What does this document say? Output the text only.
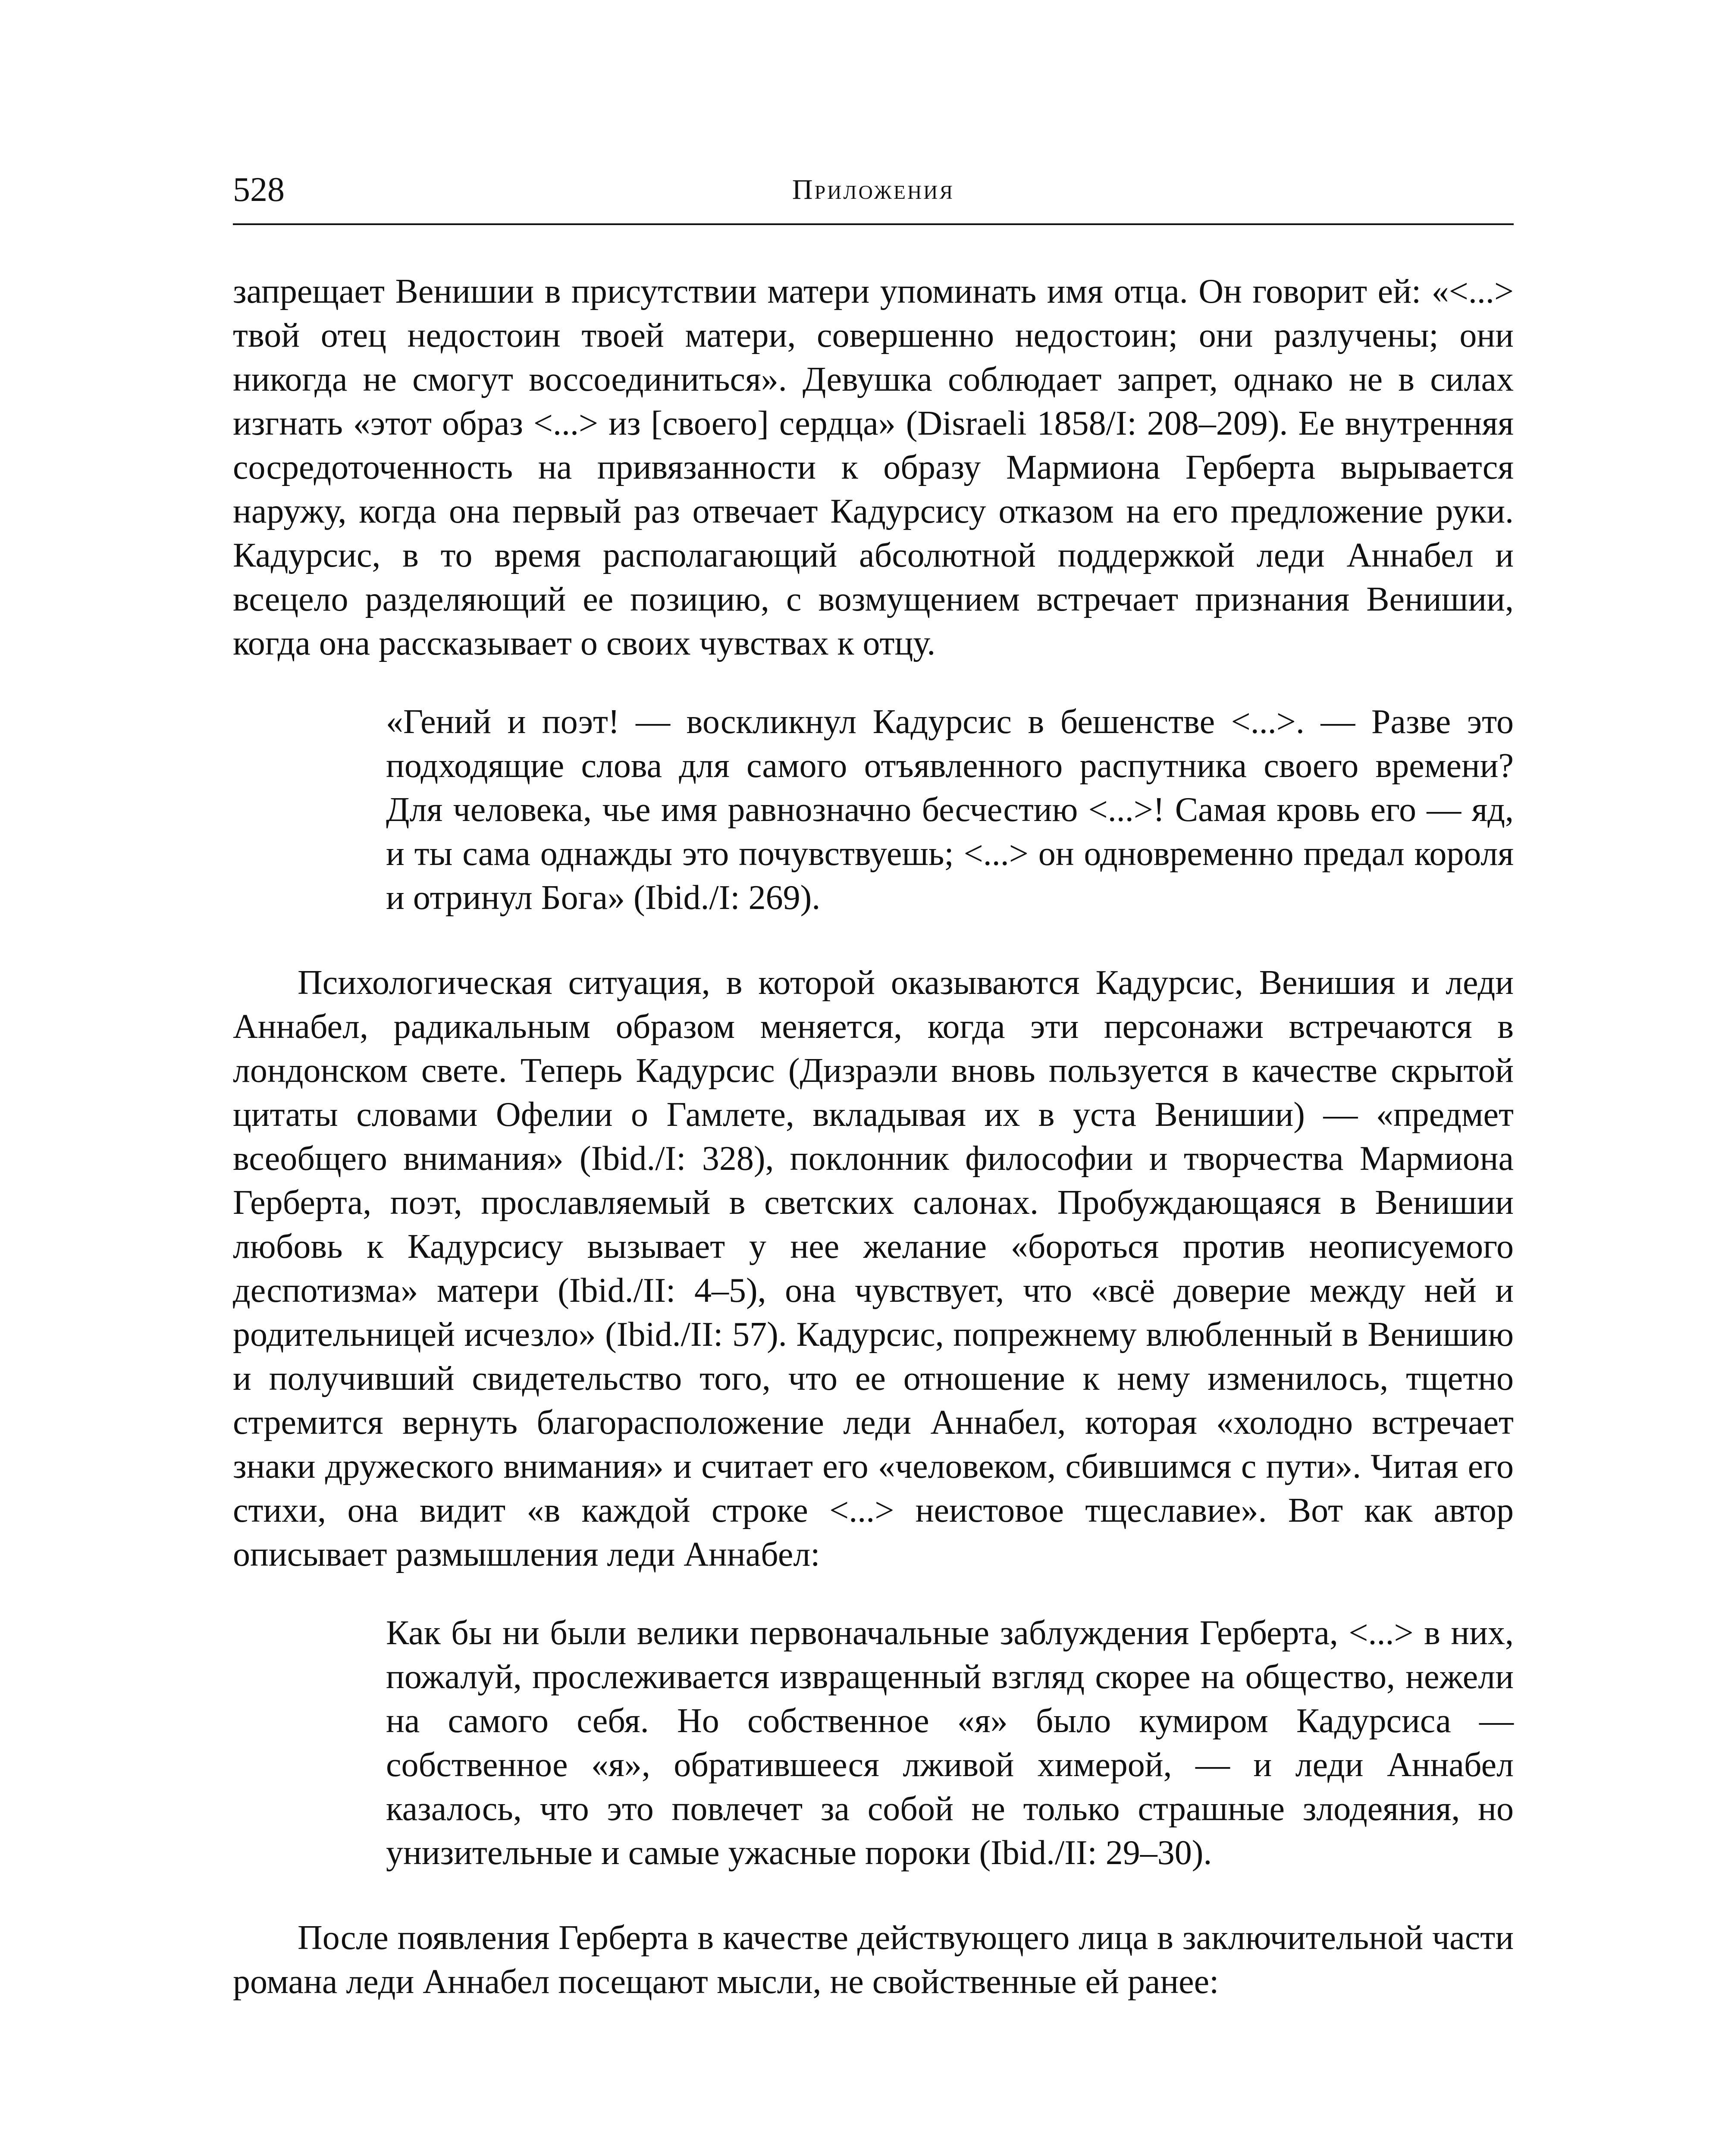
528	Приложения

запрещает Венишии в присутствии матери упоминать имя отца. Он говорит ей: «<...> твой отец недостоин твоей матери, совершенно недостоин; они разлучены; они никогда не смогут воссоединиться». Девушка соблюдает запрет, однако не в силах изгнать «этот образ <...> из [своего] сердца» (Disraeli 1858/I: 208–209). Ее внутренняя сосредоточенность на привязанности к образу Мармиона Герберта вырывается наружу, когда она первый раз отвечает Кадурсису отказом на его предложение руки. Кадурсис, в то время располагающий абсолютной поддержкой леди Аннабел и всецело разделяющий ее позицию, с возмущением встречает признания Венишии, когда она рассказывает о своих чувствах к отцу.

«Гений и поэт! — воскликнул Кадурсис в бешенстве <...>. — Разве это подходящие слова для самого отъявленного распутника своего времени? Для человека, чье имя равнозначно бесчестию <...>! Самая кровь его — яд, и ты сама однажды это почувствуешь; <...> он одновременно предал короля и отринул Бога» (Ibid./I: 269).

Психологическая ситуация, в которой оказываются Кадурсис, Венишия и леди Аннабел, радикальным образом меняется, когда эти персонажи встречаются в лондонском свете. Теперь Кадурсис (Дизраэли вновь пользуется в качестве скрытой цитаты словами Офелии о Гамлете, вкладывая их в уста Венишии) — «предмет всеобщего внимания» (Ibid./I: 328), поклонник философии и творчества Мармиона Герберта, поэт, прославляемый в светских салонах. Пробуждающаяся в Венишии любовь к Кадурсису вызывает у нее желание «бороться против неописуемого деспотизма» матери (Ibid./II: 4–5), она чувствует, что «всё доверие между ней и родительницей исчезло» (Ibid./II: 57). Кадурсис, попрежнему влюбленный в Венишию и получивший свидетельство того, что ее отношение к нему изменилось, тщетно стремится вернуть благорасположение леди Аннабел, которая «холодно встречает знаки дружеского внимания» и считает его «человеком, сбившимся с пути». Читая его стихи, она видит «в каждой строке <...> неистовое тщеславие». Вот как автор описывает размышления леди Аннабел:

Как бы ни были велики первоначальные заблуждения Герберта, <...> в них, пожалуй, прослеживается извращенный взгляд скорее на общество, нежели на самого себя. Но собственное «я» было кумиром Кадурсиса — собственное «я», обратившееся лживой химерой, — и леди Аннабел казалось, что это повлечет за собой не только страшные злодеяния, но унизительные и самые ужасные пороки (Ibid./II: 29–30).

После появления Герберта в качестве действующего лица в заключительной части романа леди Аннабел посещают мысли, не свойственные ей ранее:
